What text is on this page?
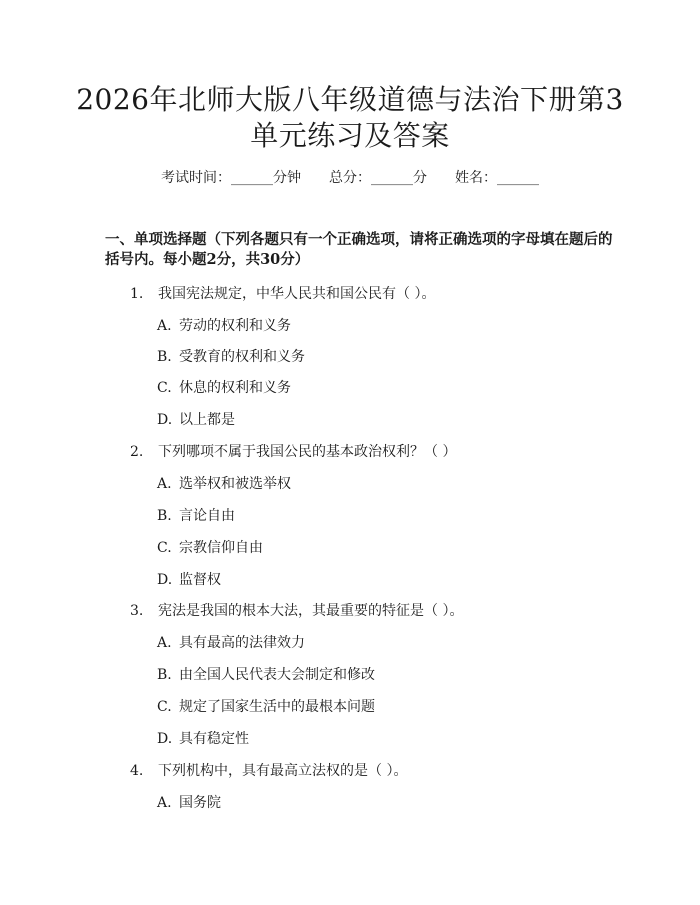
2026年北师大版八年级道德与法治下册第3
单元练习及答案
考试时间：______分钟 总分：______分 姓名：______

一、单项选择题（下列各题只有一个正确选项，请将正确选项的字母填在题后的

括号内。每小题2分，共30分）

1. 我国宪法规定，中华人民共和国公民有（ ）。
A. 劳动的权利和义务
B. 受教育的权利和义务
C. 休息的权利和义务
D. 以上都是
2. 下列哪项不属于我国公民的基本政治权利？（ ）
A. 选举权和被选举权
B. 言论自由
C. 宗教信仰自由
D. 监督权
3. 宪法是我国的根本大法，其最重要的特征是（ ）。
A. 具有最高的法律效力
B. 由全国人民代表大会制定和修改
C. 规定了国家生活中的最根本问题
D. 具有稳定性
4. 下列机构中，具有最高立法权的是（ ）。
A. 国务院
